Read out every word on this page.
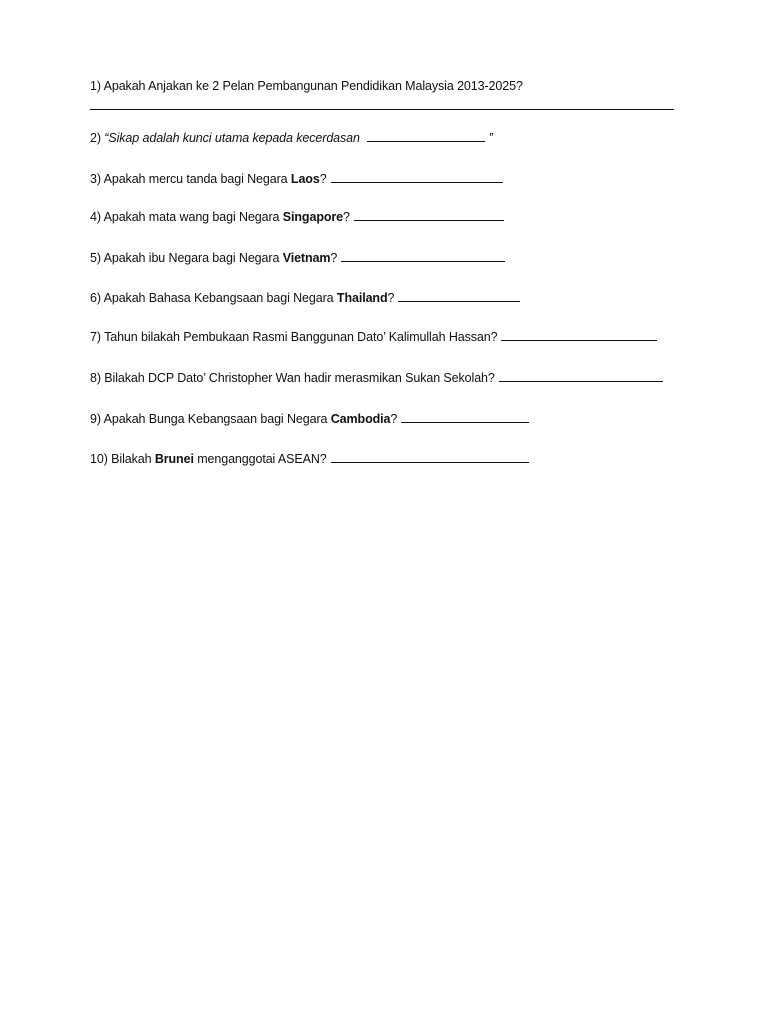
1) Apakah Anjakan ke 2 Pelan Pembangunan Pendidikan Malaysia 2013-2025?
2) “Sikap adalah kunci utama kepada kecerdasan	”
3) Apakah mercu tanda bagi Negara Laos?
4) Apakah mata wang bagi Negara Singapore?
5) Apakah ibu Negara bagi Negara Vietnam?
6) Apakah Bahasa Kebangsaan bagi Negara Thailand?
7) Tahun bilakah Pembukaan Rasmi Banggunan Dato’ Kalimullah Hassan?
8) Bilakah DCP Dato’ Christopher Wan hadir merasmikan Sukan Sekolah?
9) Apakah Bunga Kebangsaan bagi Negara Cambodia?
10) Bilakah Brunei menganggotai ASEAN?
